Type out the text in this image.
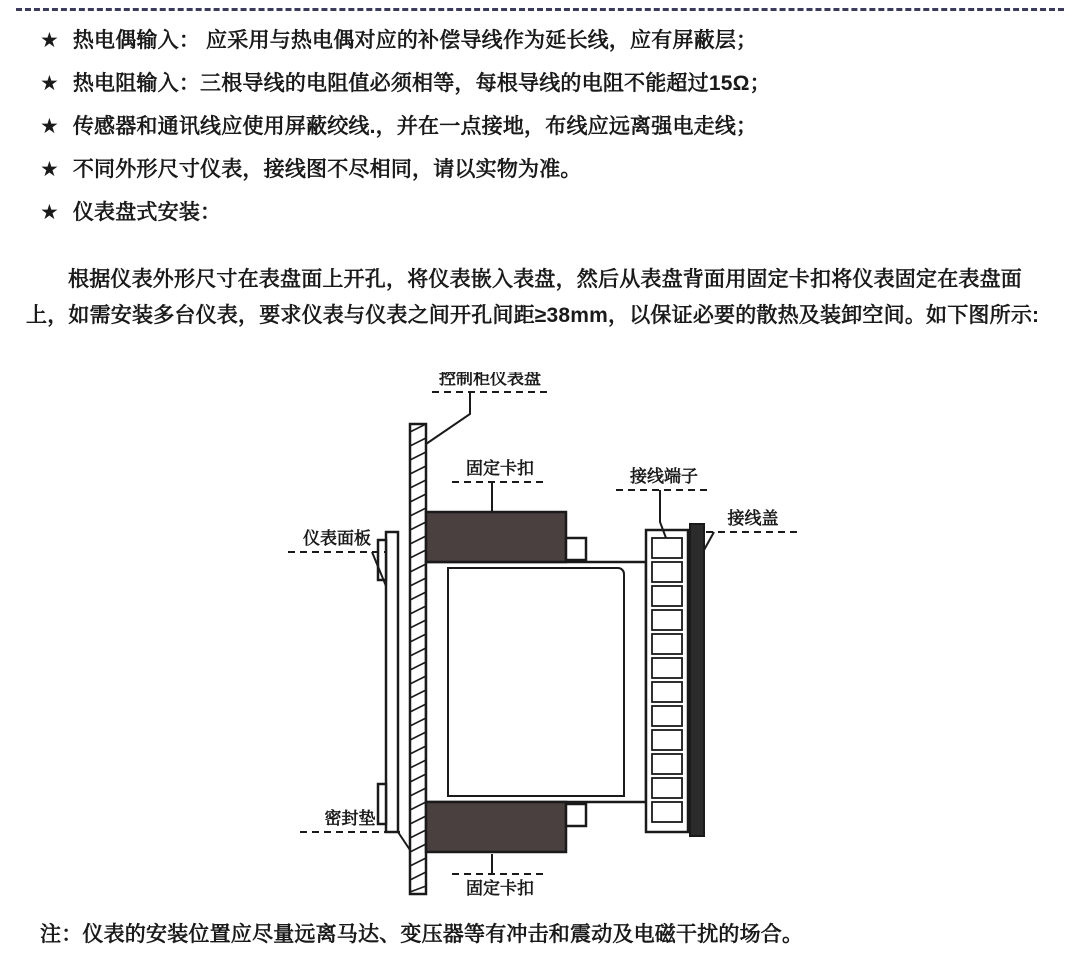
★ 热电偶输入： 应采用与热电偶对应的补偿导线作为延长线，应有屏蔽层；
★ 热电阻输入：三根导线的电阻值必须相等，每根导线的电阻不能超过15Ω；
★ 传感器和通讯线应使用屏蔽绞线.，并在一点接地，布线应远离强电走线；
★ 不同外形尺寸仪表，接线图不尽相同，请以实物为准。
★ 仪表盘式安装：
根据仪表外形尺寸在表盘面上开孔，将仪表嵌入表盘，然后从表盘背面用固定卡扣将仪表固定在表盘面上，如需安装多台仪表，要求仪表与仪表之间开孔间距≥38mm，以保证必要的散热及装卸空间。如下图所示:
控制柜仪表盘
固定卡扣	接线端子
接线盖
仪表面板
密封垫
固定卡扣
注：仪表的安装位置应尽量远离马达、变压器等有冲击和震动及电磁干扰的场合。
